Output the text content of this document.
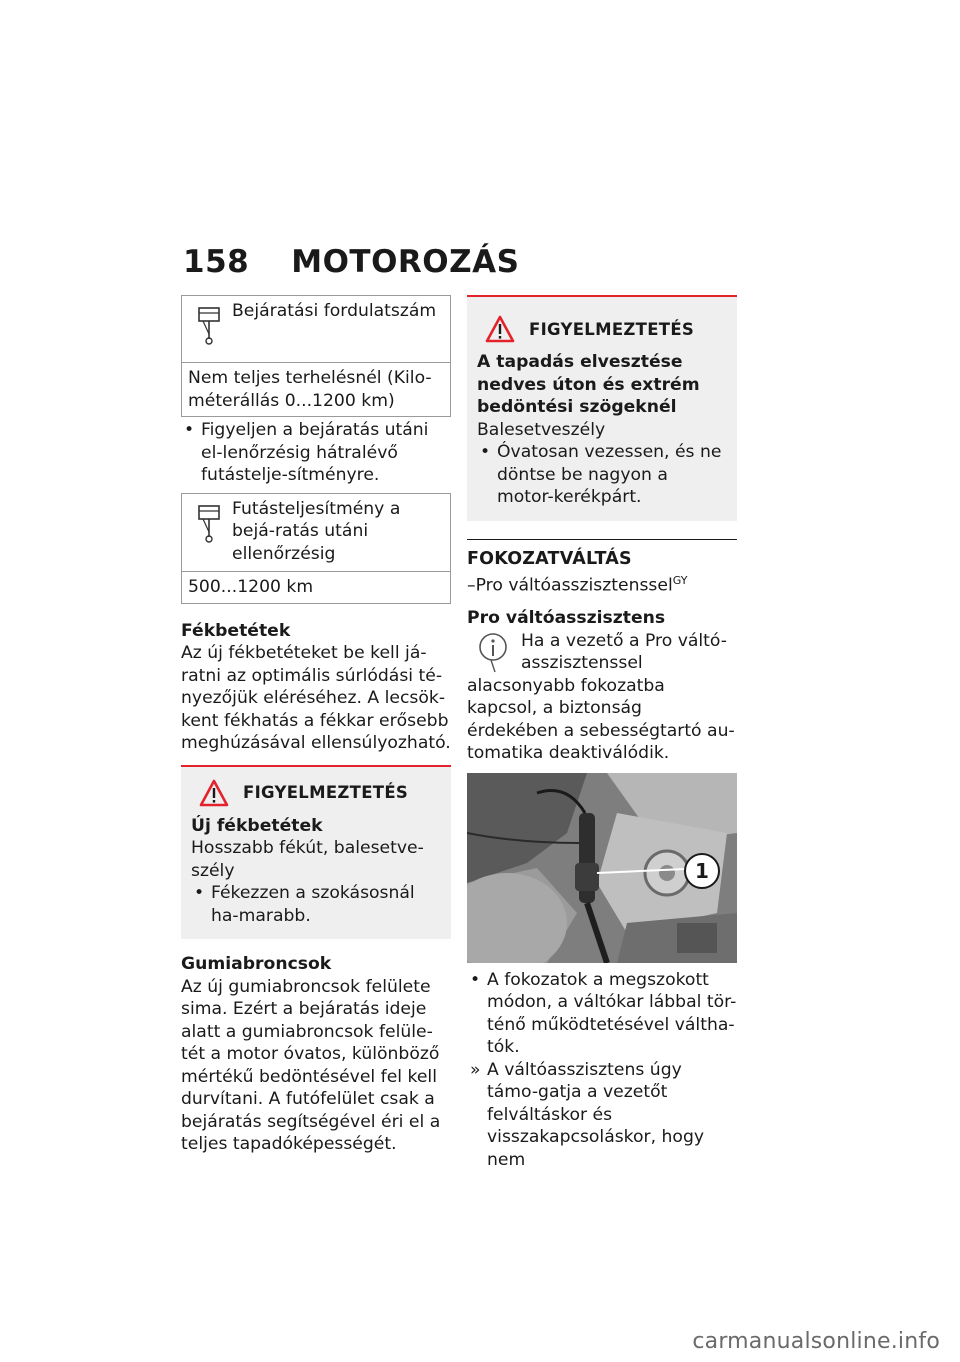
158 MOTOROZÁS
Bejáratási fordulatszám
Nem teljes terhelésnél (Kilo-méterállás 0...1200 km)
• Figyeljen a bejáratás utáni el-lenőrzésig hátralévő futástelje-sítményre.
Futásteljesítmény a bejá-ratás utáni ellenőrzésig
500...1200 km

Fékbetétek

Az új fékbetéteket be kell já-ratni az optimális súrlódási té-nyezőjük eléréséhez. A lecsök-kent fékhatás a fékkar erősebb meghúzásával ellensúlyozható.

FIGYELMEZTETÉS

Új fékbetétek

Hosszabb fékút, balesetve-szély

• Fékezzen a szokásosnál ha-marabb.

Gumiabroncsok

Az új gumiabroncsok felülete sima. Ezért a bejáratás ideje alatt a gumiabroncsok felüle-tét a motor óvatos, különböző mértékű bedöntésével fel kell durvítani. A futófelület csak a bejáratás segítségével éri el a teljes tapadóképességét.

FIGYELMEZTETÉS

A tapadás elvesztése nedves úton és extrém bedöntési szögeknél

Balesetveszély

• Óvatosan vezessen, és ne döntse be nagyon a motor-kerékpárt.

FOKOZATVÁLTÁS

–Pro váltóasszisztenssel$^{GY}$

Pro váltóasszisztens

Ha a vezető a Pro váltó-asszisztenssel alacsonyabb fokozatba kapcsol, a biztonság érdekében a sebességtartó au-tomatika deaktiválódik.

1
• A fokozatok a megszokott módon, a váltókar lábbal tör-ténő működtetésével váltha-tók.
» A váltóasszisztens úgy támo-gatja a vezetőt felváltáskor és visszakapcsoláskor, hogy nem
carmanualsonline.info
